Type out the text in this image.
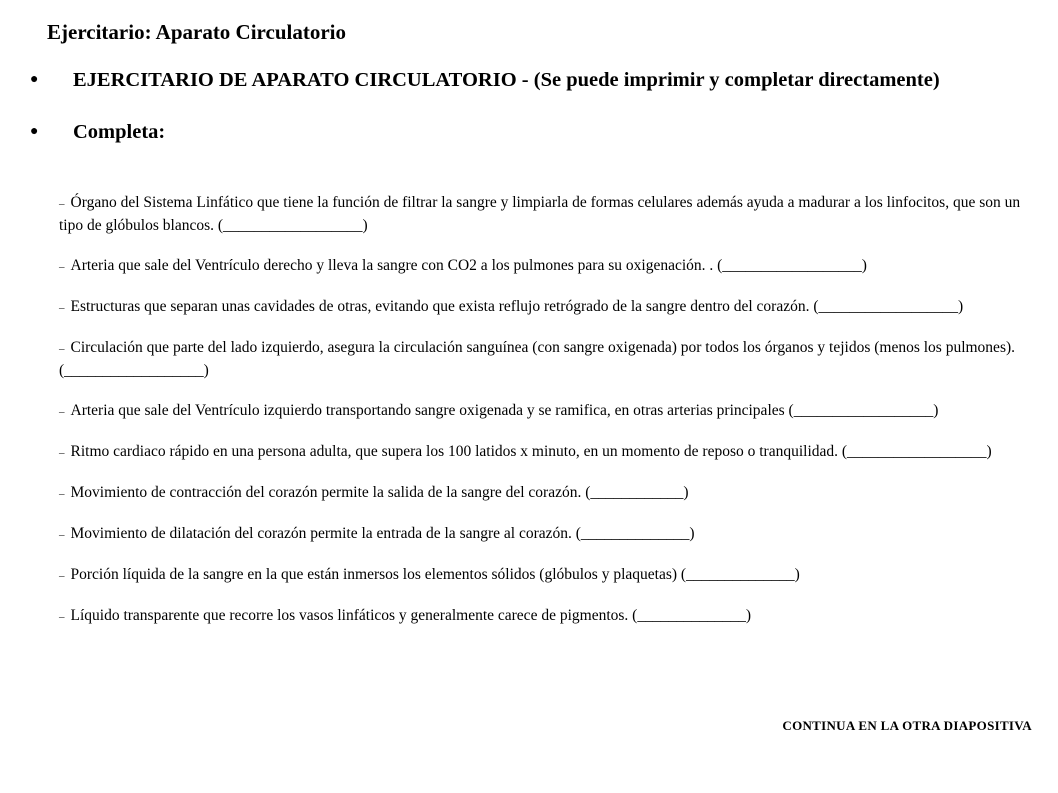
Ejercitario: Aparato Circulatorio
● EJERCITARIO DE APARATO CIRCULATORIO - (Se puede imprimir y completar directamente)
● Completa:
– Órgano del Sistema Linfático que tiene la función de filtrar la sangre y limpiarla de formas celulares además ayuda a madurar a los linfocitos, que son un tipo de glóbulos blancos. (__________________)
– Arteria que sale del Ventrículo derecho y lleva la sangre con CO2 a los pulmones para su oxigenación. . (__________________)
– Estructuras que separan unas cavidades de otras, evitando que exista reflujo retrógrado de la sangre dentro del corazón. (__________________)
– Circulación que parte del lado izquierdo, asegura la circulación sanguínea (con sangre oxigenada) por todos los órganos y tejidos (menos los pulmones). (__________________)
– Arteria que sale del Ventrículo izquierdo transportando sangre oxigenada y se ramifica, en otras arterias principales (__________________)
– Ritmo cardiaco rápido en una persona adulta, que supera los 100 latidos x minuto, en un momento de reposo o tranquilidad. (__________________)
– Movimiento de contracción del corazón permite la salida de la sangre del corazón. (____________)
– Movimiento de dilatación del corazón permite la entrada de la sangre al corazón. (______________)
– Porción líquida de la sangre en la que están inmersos los elementos sólidos (glóbulos y plaquetas) (______________)
– Líquido transparente que recorre los vasos linfáticos y generalmente carece de pigmentos. (______________)
CONTINUA EN LA OTRA DIAPOSITIVA
